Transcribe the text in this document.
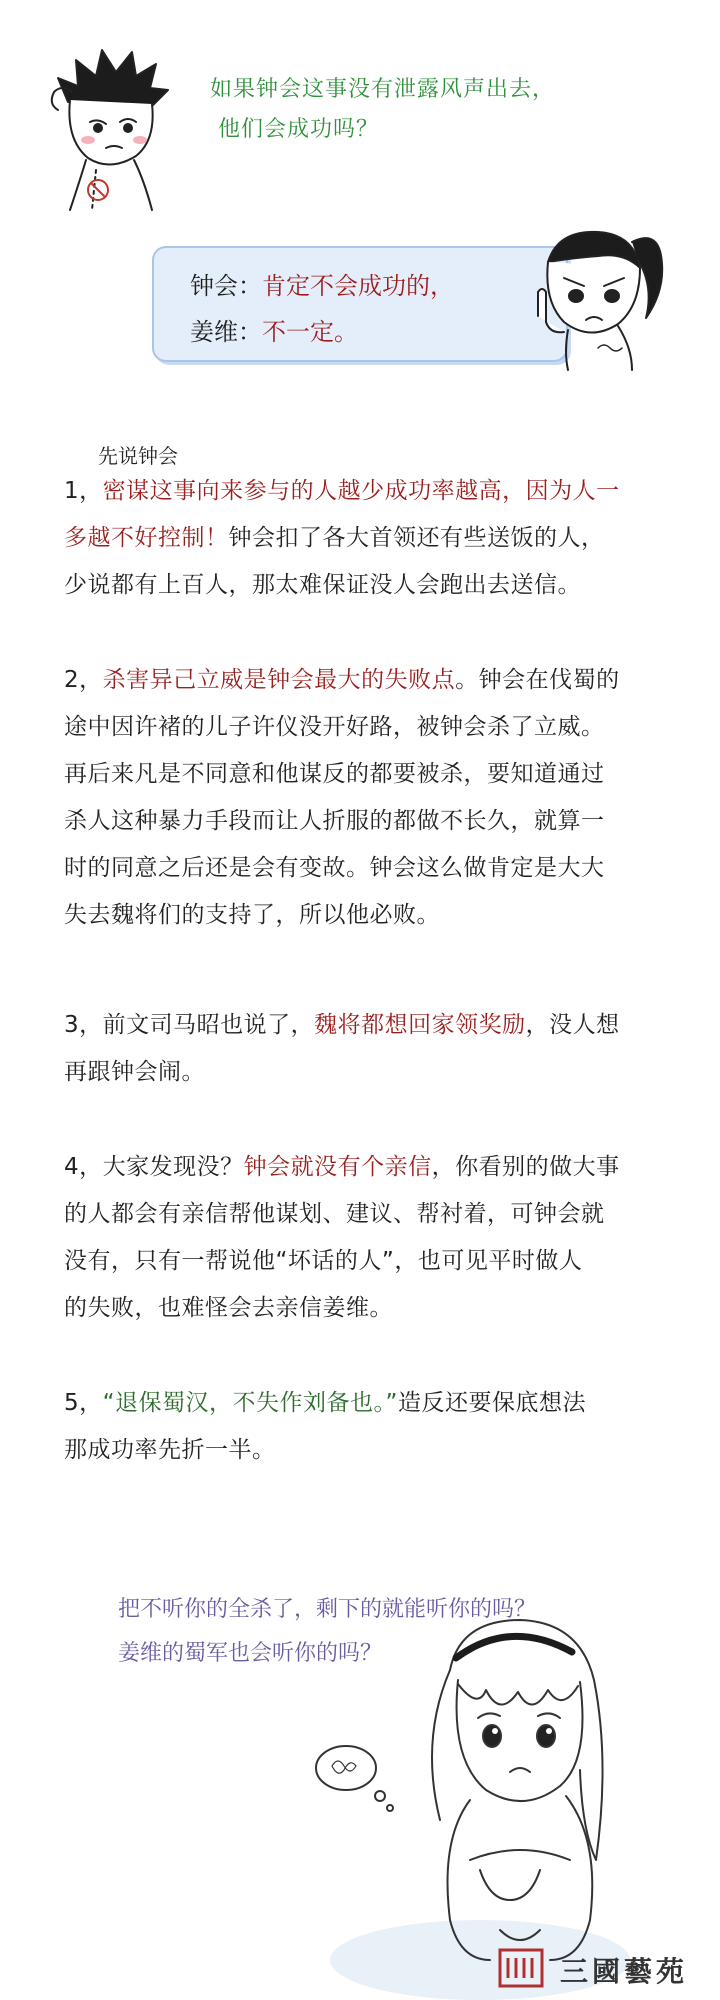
如果钟会这事没有泄露风声出去，
他们会成功吗？
钟会：肯定不会成功的，
姜维：不一定。
先说钟会
1，密谋这事向来参与的人越少成功率越高，因为人一
多越不好控制！钟会扣了各大首领还有些送饭的人，
少说都有上百人，那太难保证没人会跑出去送信。
2，杀害异己立威是钟会最大的失败点。钟会在伐蜀的
途中因许褚的儿子许仪没开好路，被钟会杀了立威。
再后来凡是不同意和他谋反的都要被杀，要知道通过
杀人这种暴力手段而让人折服的都做不长久，就算一
时的同意之后还是会有变故。钟会这么做肯定是大大
失去魏将们的支持了，所以他必败。
3，前文司马昭也说了，魏将都想回家领奖励，没人想
再跟钟会闹。
4，大家发现没？钟会就没有个亲信，你看别的做大事
的人都会有亲信帮他谋划、建议、帮衬着，可钟会就
没有，只有一帮说他“坏话的人”，也可见平时做人
的失败，也难怪会去亲信姜维。
5，“退保蜀汉，不失作刘备也。”造反还要保底想法
那成功率先折一半。
把不听你的全杀了，剩下的就能听你的吗？
姜维的蜀军也会听你的吗？
三國藝苑
